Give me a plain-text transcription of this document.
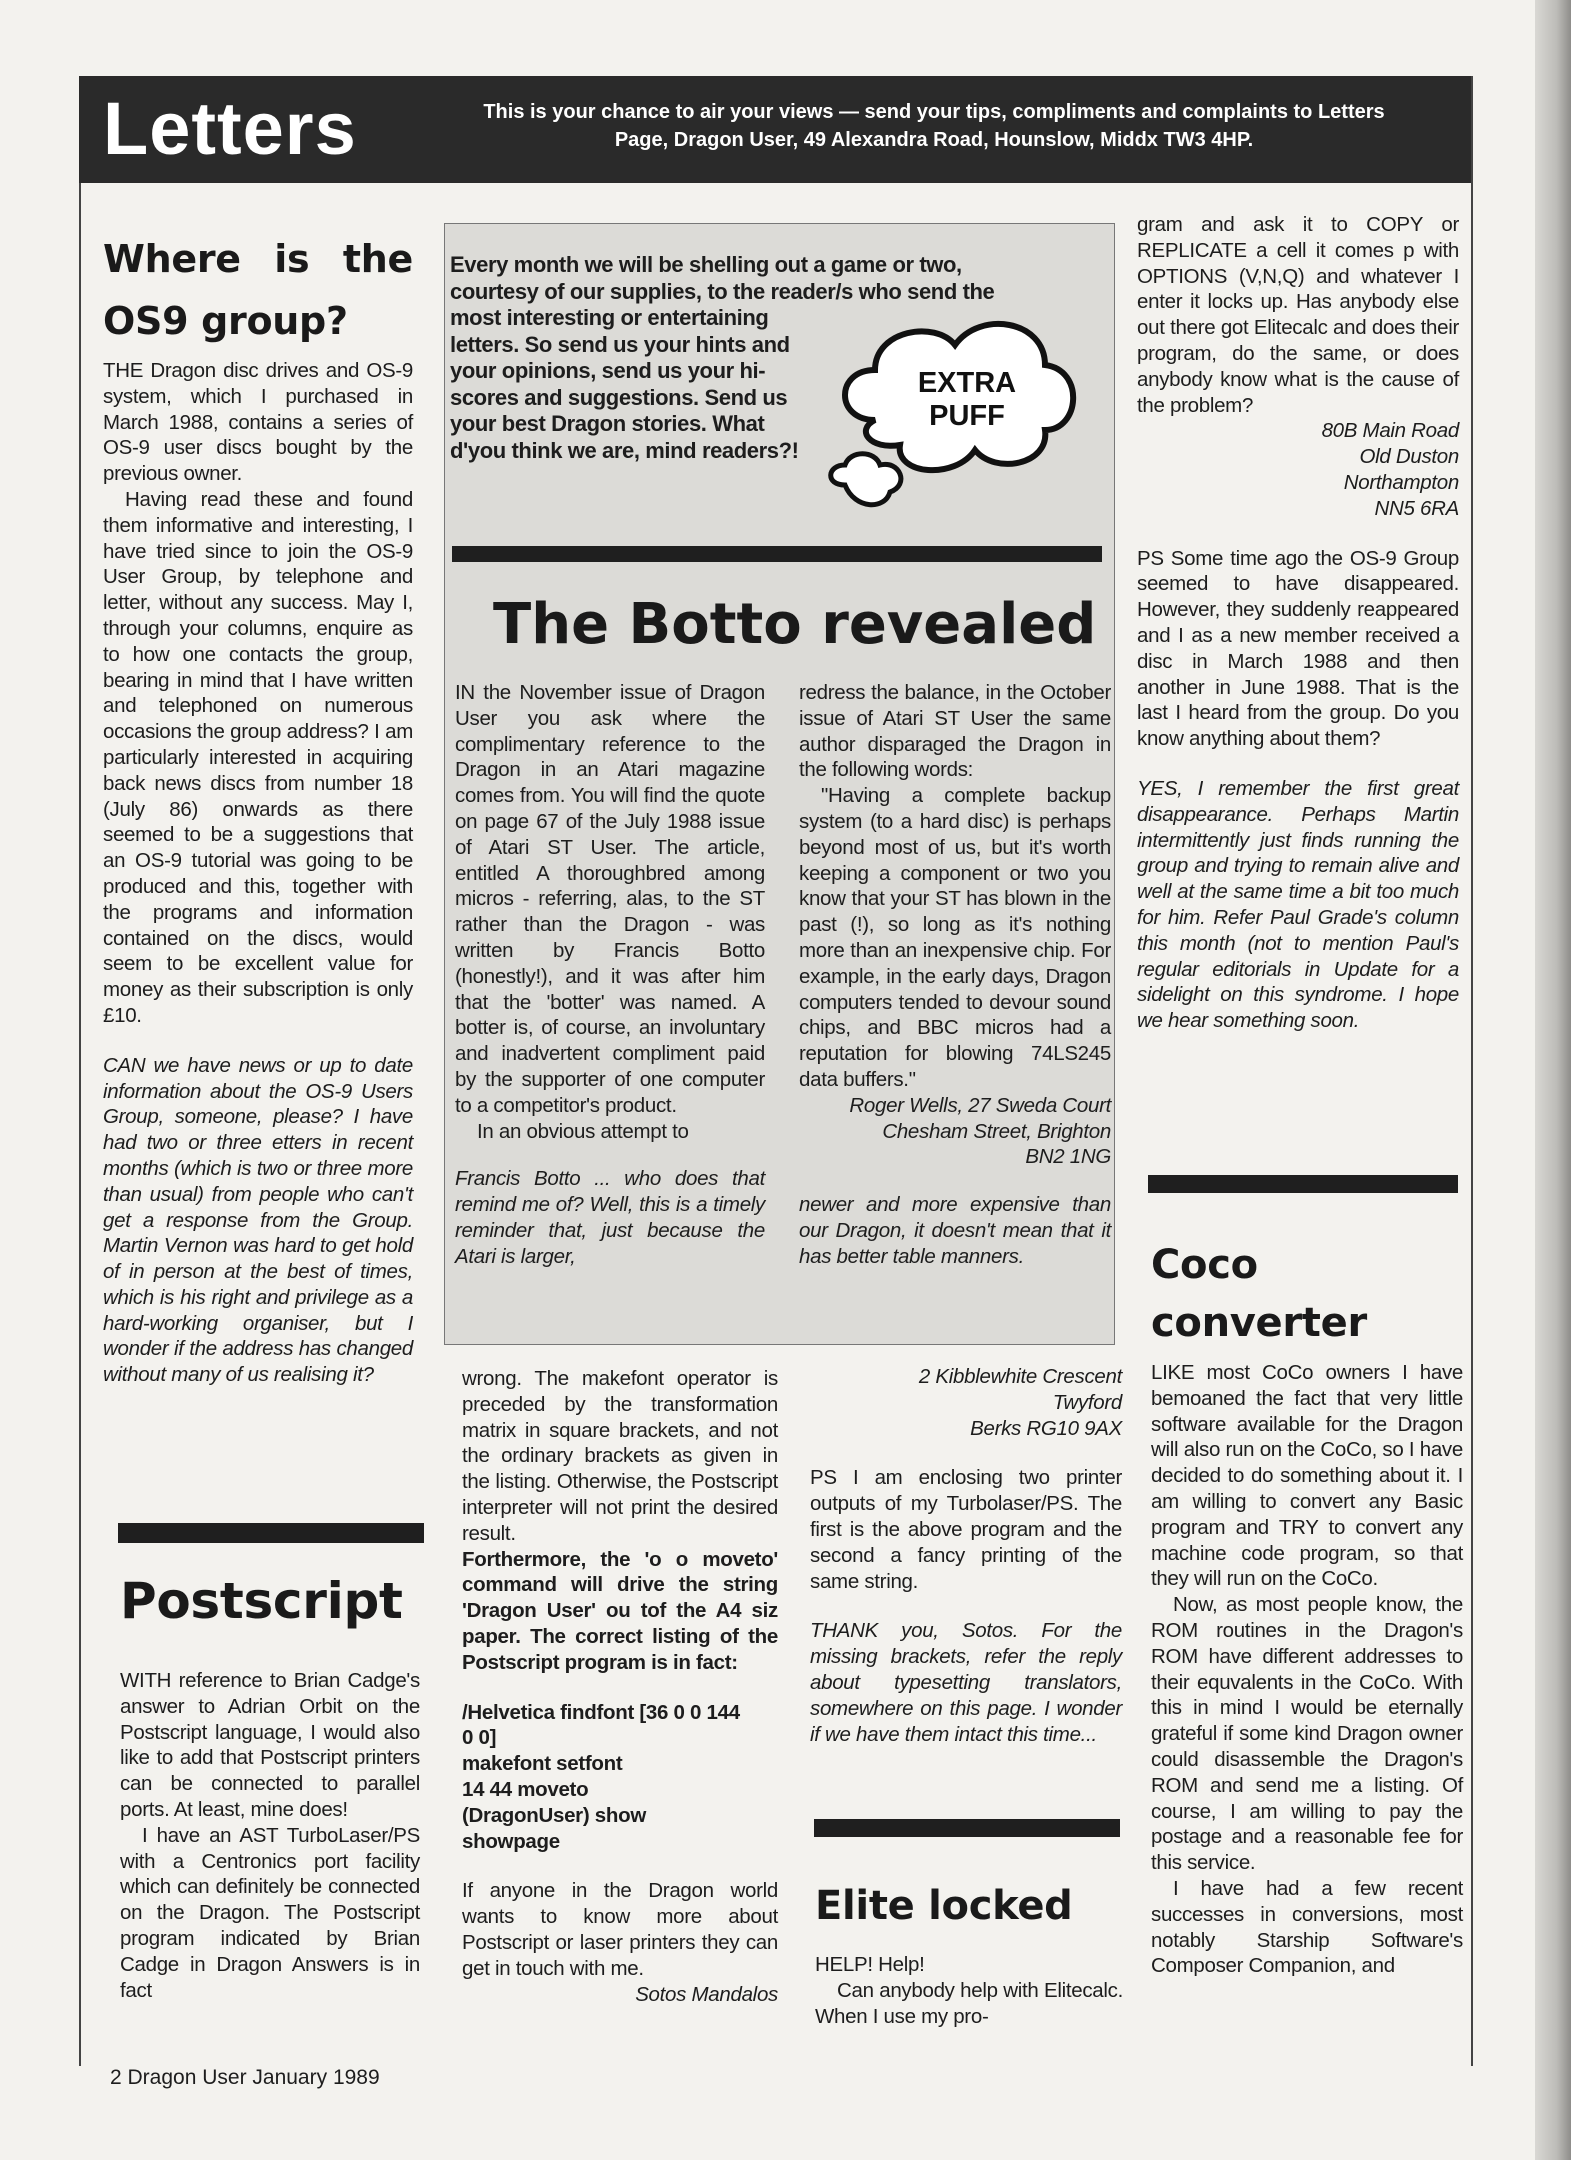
Letters	This is your chance to air your views — send your tips, compliments and complaints to Letters
Page, Dragon User, 49 Alexandra Road, Hounslow, Middx TW3 4HP.
Where is the OS9 group?

THE Dragon disc drives and OS-9 system, which I purchased in March 1988, contains a series of OS-9 user discs bought by the previous owner.

Having read these and found them informative and interesting, I have tried since to join the OS-9 User Group, by telephone and letter, without any success. May I, through your columns, enquire as to how one contacts the group, bearing in mind that I have written and telephoned on numerous occasions the group address? I am particularly interested in acquiring back news discs from number 18 (July 86) onwards as there seemed to be a suggestions that an OS-9 tutorial was going to be produced and this, together with the programs and information contained on the discs, would seem to be excellent value for money as their subscription is only £10.

CAN we have news or up to date information about the OS-9 Users Group, someone, please? I have had two or three etters in recent months (which is two or three more than usual) from people who can't get a response from the Group. Martin Vernon was hard to get hold of in person at the best of times, which is his right and privilege as a hard-working organiser, but I wonder if the address has changed without many of us realising it?

Postscript

WITH reference to Brian Cadge's answer to Adrian Orbit on the Postscript language, I would also like to add that Postscript printers can be connected to parallel ports. At least, mine does!

I have an AST TurboLaser/PS with a Centronics port facility which can definitely be connected on the Dragon. The Postscript program indicated by Brian Cadge in Dragon Answers is in fact

Every month we will be shelling out a game or two, courtesy of our supplies, to the reader/s who send the most interesting or entertaining letters. So send us your hints and your opinions, send us your hi-scores and suggestions. Send us your best Dragon stories. What d'you think we are, mind readers?!
EXTRA
PUFF
The Botto revealed

IN the November issue of Dragon User you ask where the complimentary reference to the Dragon in an Atari magazine comes from. You will find the quote on page 67 of the July 1988 issue of Atari ST User. The article, entitled A thoroughbred among micros - referring, alas, to the ST rather than the Dragon - was written by Francis Botto (honestly!), and it was after him that the 'botter' was named. A botter is, of course, an involuntary and inadvertent compliment paid by the supporter of one computer to a competitor's product.

In an obvious attempt to

Francis Botto ... who does that remind me of? Well, this is a timely reminder that, just because the Atari is larger,

redress the balance, in the October issue of Atari ST User the same author disparaged the Dragon in the following words:

"Having a complete backup system (to a hard disc) is perhaps beyond most of us, but it's worth keeping a component or two you know that your ST has blown in the past (!), so long as it's nothing more than an inexpensive chip. For example, in the early days, Dragon computers tended to devour sound chips, and BBC micros had a reputation for blowing 74LS245 data buffers."

Roger Wells, 27 Sweda Court

Chesham Street, Brighton

BN2 1NG

newer and more expensive than our Dragon, it doesn't mean that it has better table manners.

wrong. The makefont operator is preceded by the transformation matrix in square brackets, and not the ordinary brackets as given in the listing. Otherwise, the Postscript interpreter will not print the desired result.

Forthermore, the 'o o moveto' command will drive the string 'Dragon User' ou tof the A4 siz paper. The correct listing of the Postscript program is in fact:

/Helvetica findfont [36 0 0 144
0 0]
makefont setfont
14 44 moveto
(DragonUser) show
showpage

If anyone in the Dragon world wants to know more about Postscript or laser printers they can get in touch with me.

Sotos Mandalos

2 Kibblewhite Crescent

Twyford

Berks RG10 9AX

PS I am enclosing two printer outputs of my Turbolaser/PS. The first is the above program and the second a fancy printing of the same string.

THANK you, Sotos. For the missing brackets, refer the reply about typesetting translators, somewhere on this page. I wonder if we have them intact this time...

Elite locked

HELP! Help!

Can anybody help with Elitecalc. When I use my pro-

gram and ask it to COPY or REPLICATE a cell it comes p with OPTIONS (V,N,Q) and whatever I enter it locks up. Has anybody else out there got Elitecalc and does their program, do the same, or does anybody know what is the cause of the problem?

80B Main Road

Old Duston

Northampton

NN5 6RA

PS Some time ago the OS-9 Group seemed to have disappeared. However, they suddenly reappeared and I as a new member received a disc in March 1988 and then another in June 1988. That is the last I heard from the group. Do you know anything about them?

YES, I remember the first great disappearance. Perhaps Martin intermittently just finds running the group and trying to remain alive and well at the same time a bit too much for him. Refer Paul Grade's column this month (not to mention Paul's regular editorials in Update for a sidelight on this syndrome. I hope we hear something soon.

Coco converter

LIKE most CoCo owners I have bemoaned the fact that very little software available for the Dragon will also run on the CoCo, so I have decided to do something about it. I am willing to convert any Basic program and TRY to convert any machine code program, so that they will run on the CoCo.

Now, as most people know, the ROM routines in the Dragon's ROM have different addresses to their equvalents in the CoCo. With this in mind I would be eternally grateful if some kind Dragon owner could disassemble the Dragon's ROM and send me a listing. Of course, I am willing to pay the postage and a reasonable fee for this service.

I have had a few recent successes in conversions, most notably Starship Software's Composer Companion, and

2 Dragon User January 1989
